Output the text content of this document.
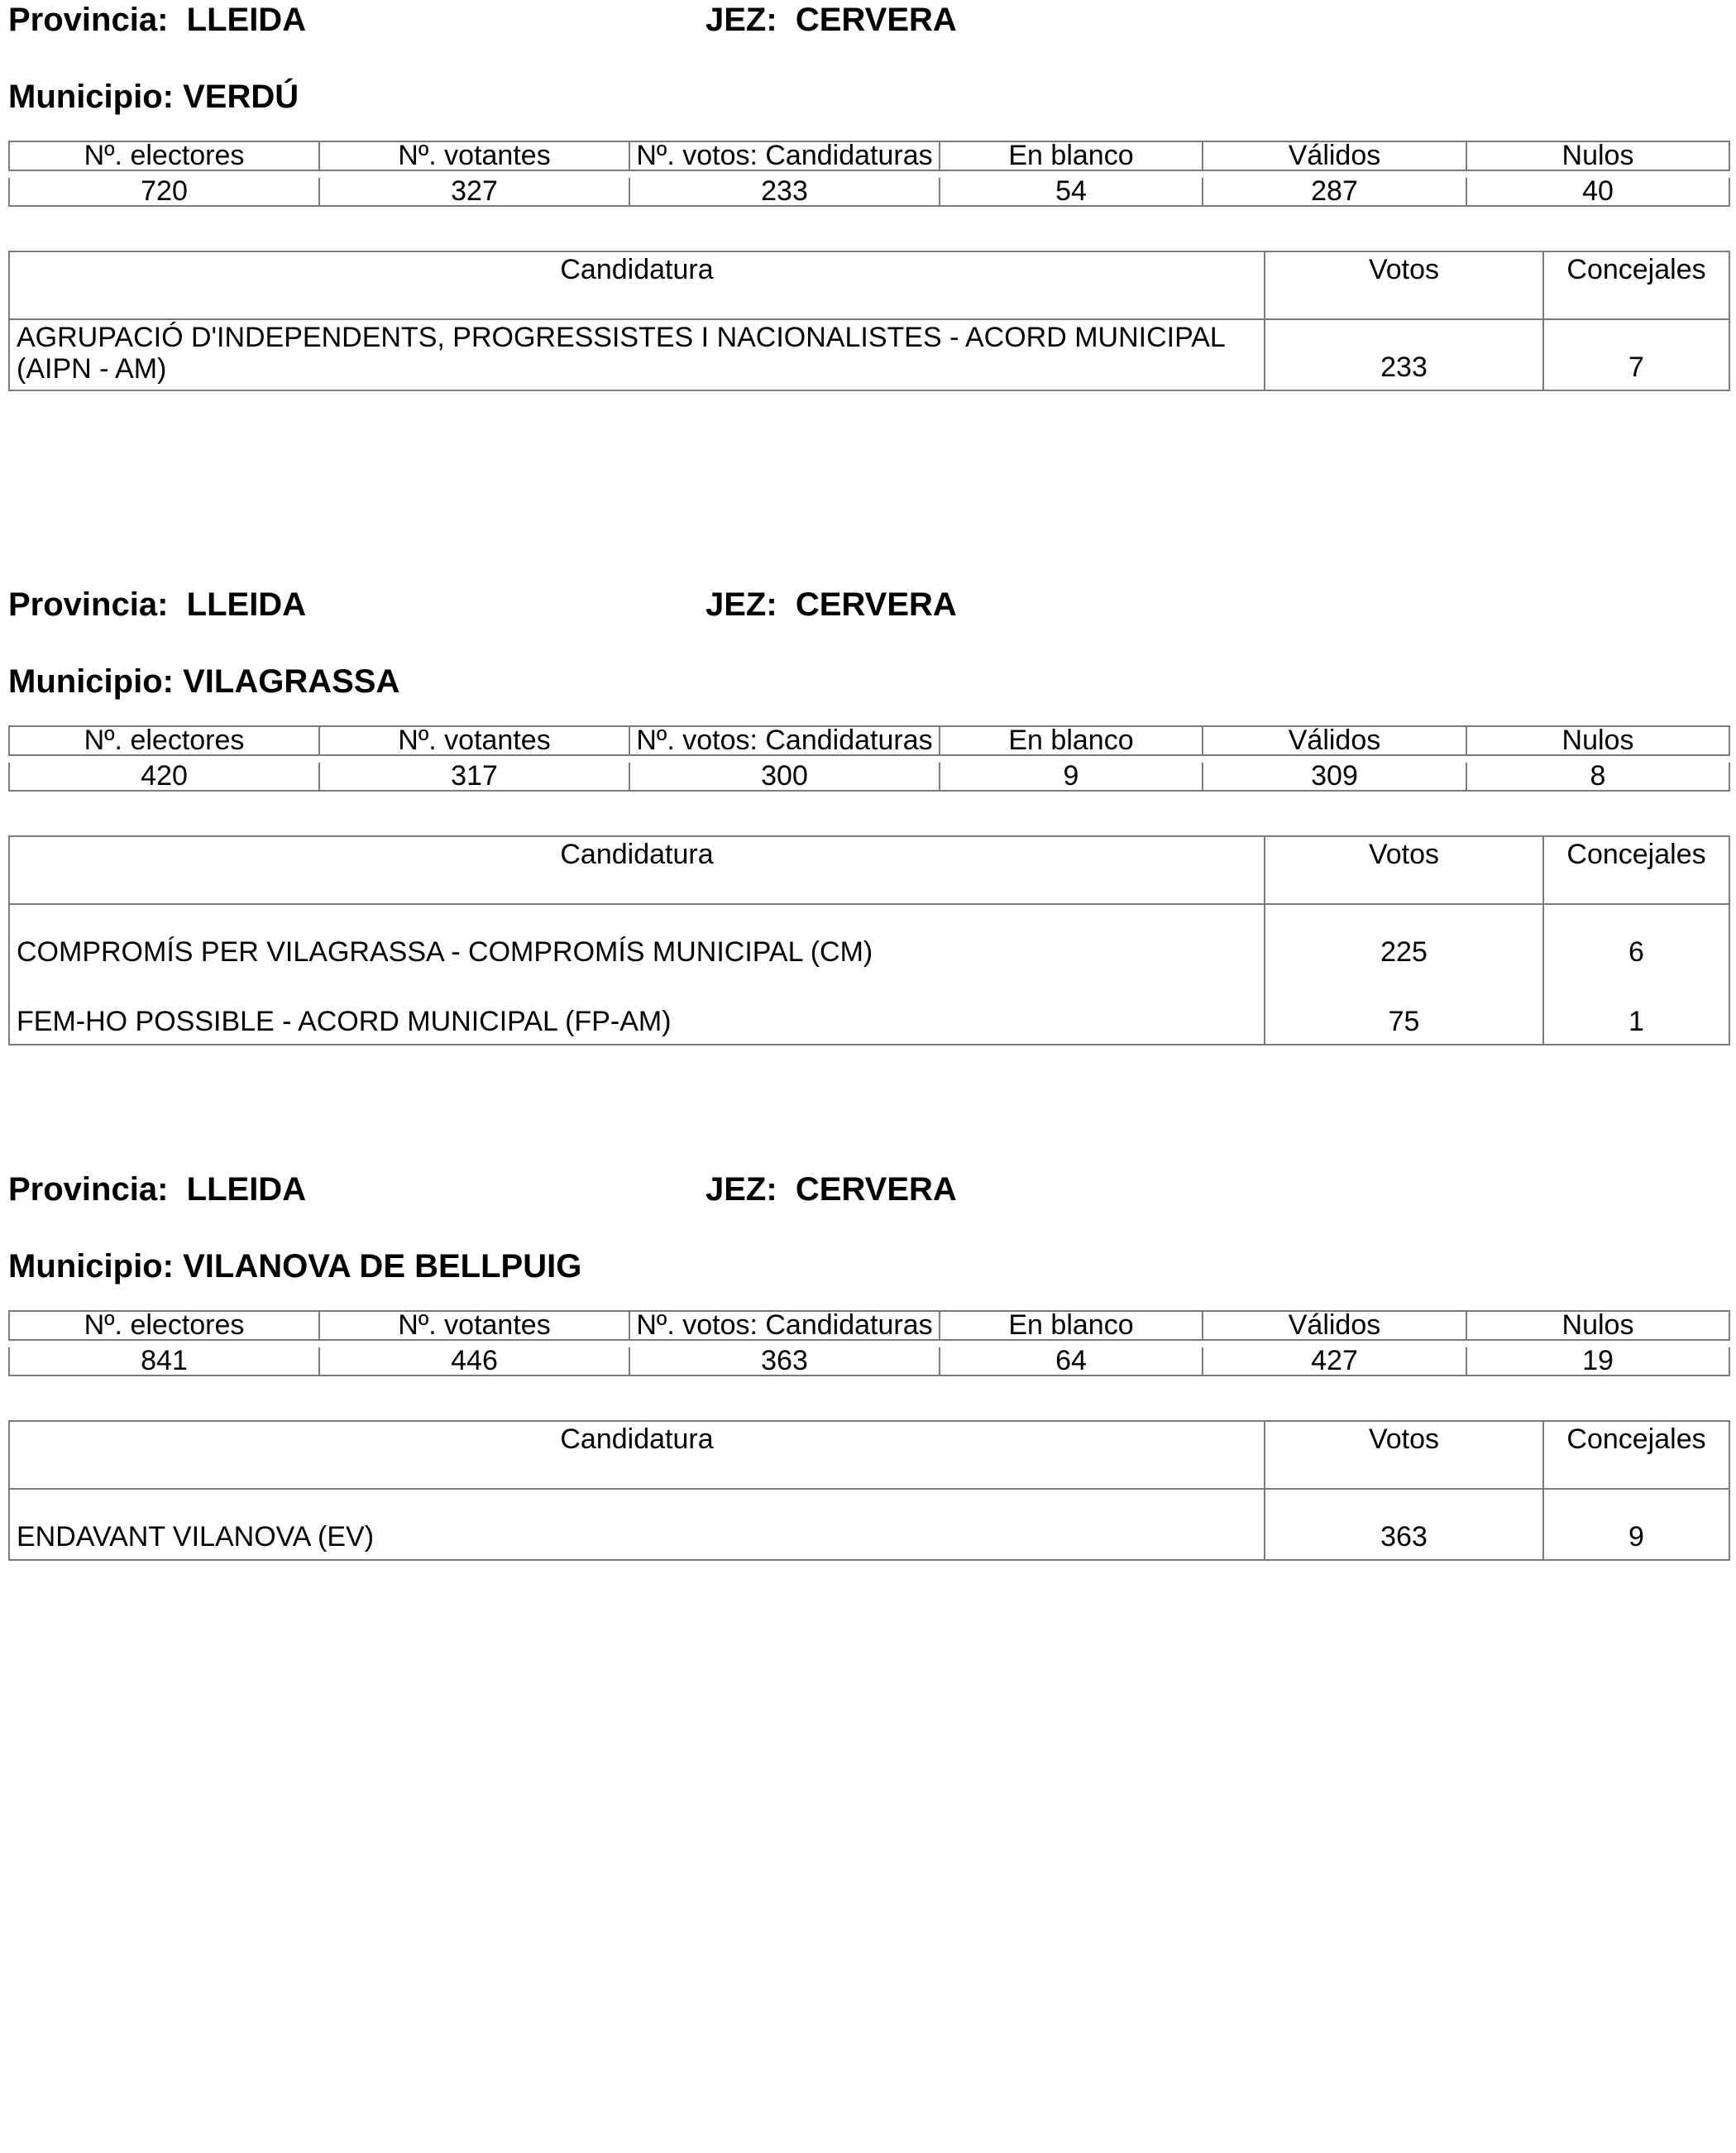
Provincia: LLEIDA	JEZ: CERVERA
Municipio: VERDÚ
Nº. electores	Nº. votantes	Nº. votos: Candidaturas	En blanco	Válidos	Nulos

720	327	233	54	287	40
Candidatura	Votos	Concejales
AGRUPACIÓ D'INDEPENDENTS, PROGRESSISTES I NACIONALISTES - ACORD MUNICIPAL (AIPN - AM)	233	7
Provincia: LLEIDA	JEZ: CERVERA
Municipio: VILAGRASSA
Nº. electores	Nº. votantes	Nº. votos: Candidaturas	En blanco	Válidos	Nulos

420	317	300	9	309	8
Candidatura	Votos	Concejales
COMPROMÍS PER VILAGRASSA - COMPROMÍS MUNICIPAL (CM)	225	6
FEM-HO POSSIBLE - ACORD MUNICIPAL (FP-AM)	75	1
Provincia: LLEIDA	JEZ: CERVERA
Municipio: VILANOVA DE BELLPUIG
Nº. electores	Nº. votantes	Nº. votos: Candidaturas	En blanco	Válidos	Nulos

841	446	363	64	427	19
Candidatura	Votos	Concejales
ENDAVANT VILANOVA (EV)	363	9
